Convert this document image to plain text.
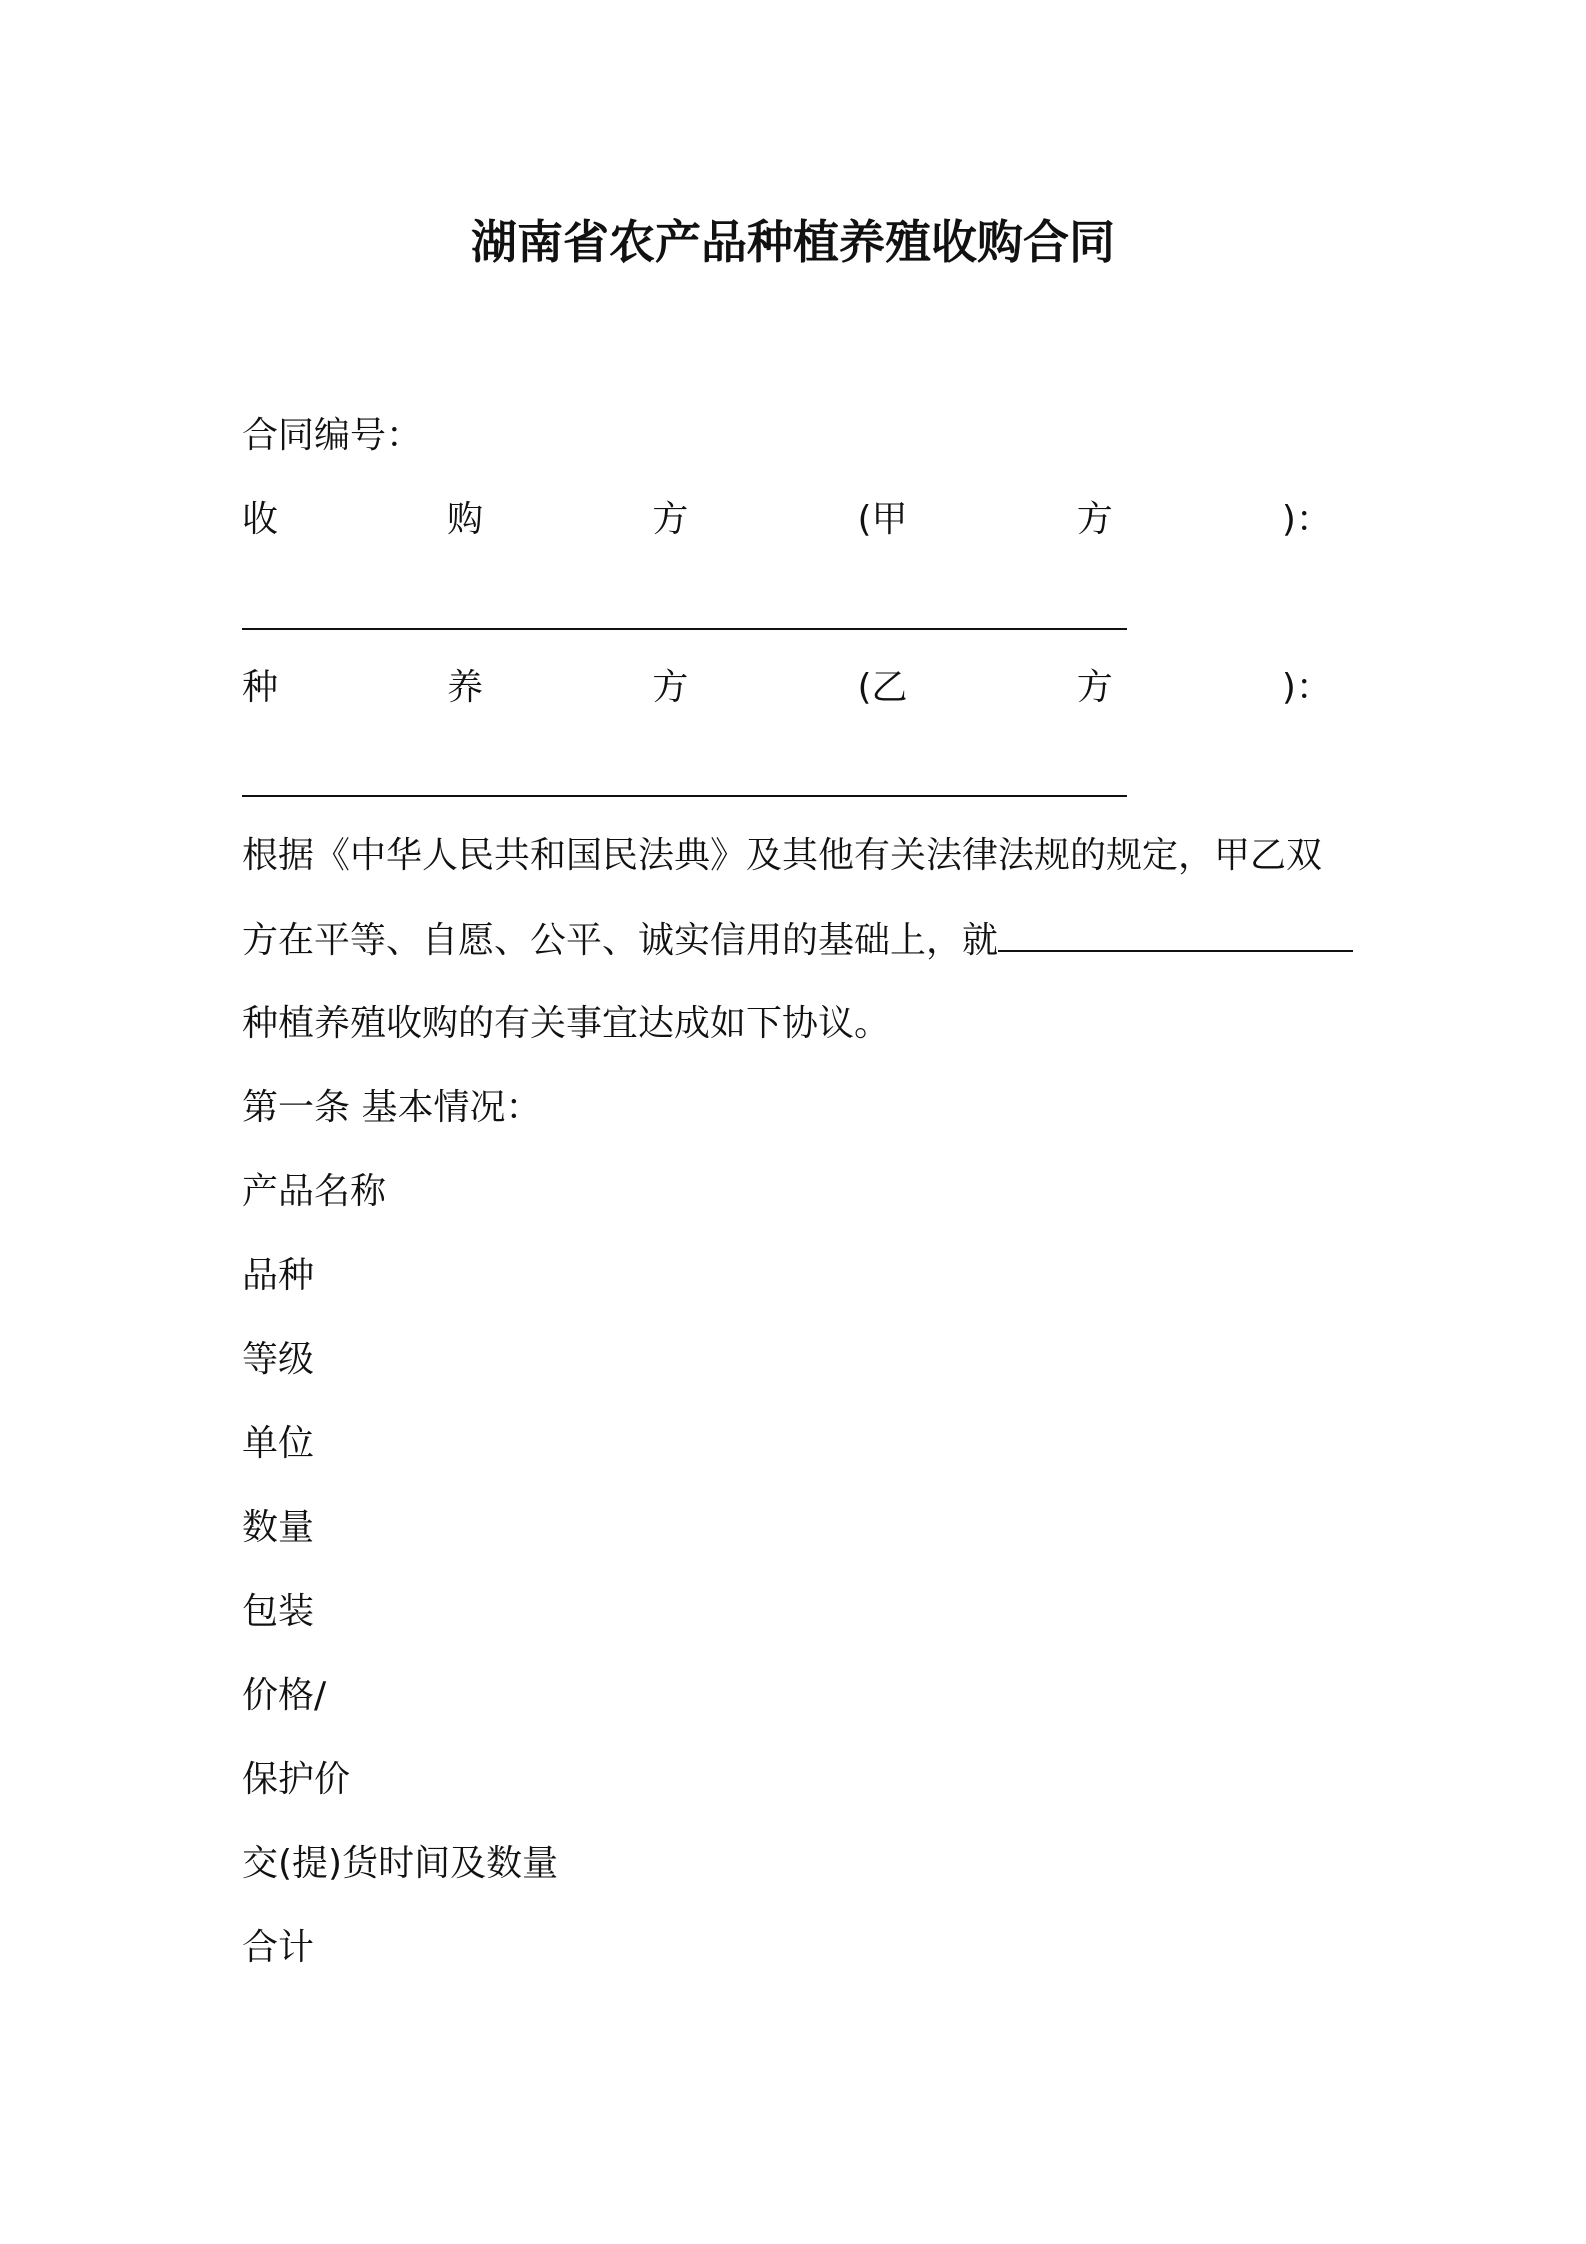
湖南省农产品种植养殖收购合同
合同编号：
收	购	方	(甲	方	)：
种	养	方	(乙	方	)：
根据《中华人民共和国民法典》及其他有关法律法规的规定，甲乙双
方在平等、自愿、公平、诚实信用的基础上，就
种植养殖收购的有关事宜达成如下协议。
第一条 基本情况：
产品名称
品种
等级
单位
数量
包装
价格/
保护价
交(提)货时间及数量
合计
